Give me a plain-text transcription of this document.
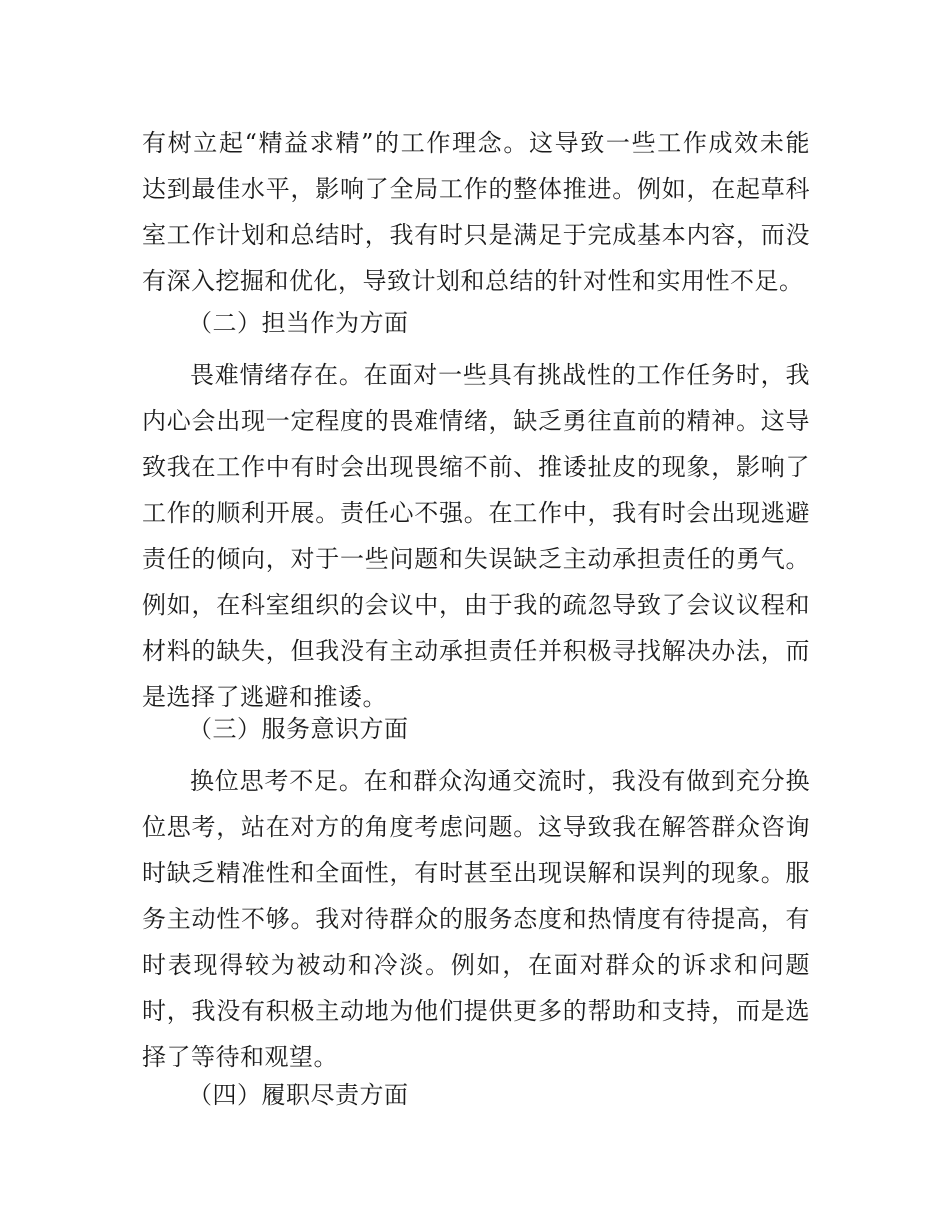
有树立起“精益求精”的工作理念。这导致一些工作成效未能
达到最佳水平，影响了全局工作的整体推进。例如，在起草科
室工作计划和总结时，我有时只是满足于完成基本内容，而没
有深入挖掘和优化，导致计划和总结的针对性和实用性不足。
（二）担当作为方面
畏难情绪存在。在面对一些具有挑战性的工作任务时，我
内心会出现一定程度的畏难情绪，缺乏勇往直前的精神。这导
致我在工作中有时会出现畏缩不前、推诿扯皮的现象，影响了
工作的顺利开展。责任心不强。在工作中，我有时会出现逃避
责任的倾向，对于一些问题和失误缺乏主动承担责任的勇气。
例如，在科室组织的会议中，由于我的疏忽导致了会议议程和
材料的缺失，但我没有主动承担责任并积极寻找解决办法，而
是选择了逃避和推诿。
（三）服务意识方面
换位思考不足。在和群众沟通交流时，我没有做到充分换
位思考，站在对方的角度考虑问题。这导致我在解答群众咨询
时缺乏精准性和全面性，有时甚至出现误解和误判的现象。服
务主动性不够。我对待群众的服务态度和热情度有待提高，有
时表现得较为被动和冷淡。例如，在面对群众的诉求和问题
时，我没有积极主动地为他们提供更多的帮助和支持，而是选
择了等待和观望。
（四）履职尽责方面
